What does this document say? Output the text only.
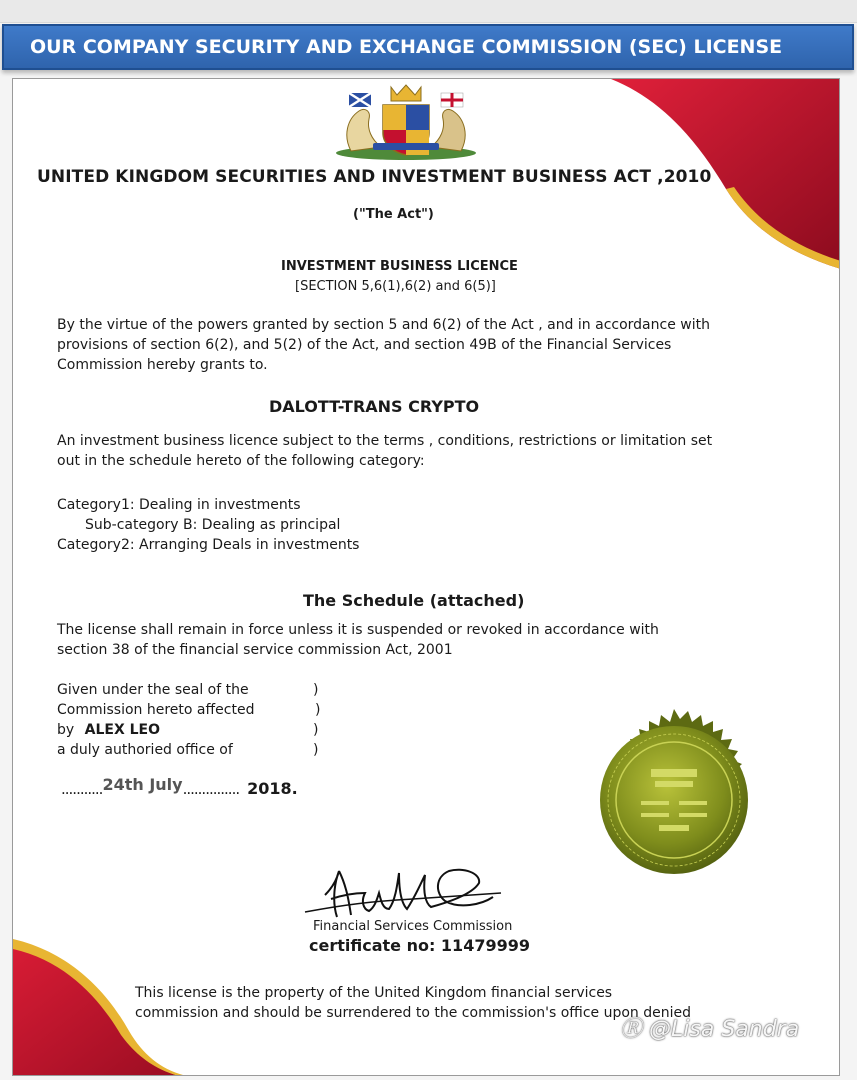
OUR COMPANY SECURITY AND EXCHANGE COMMISSION (SEC) LICENSE
UNITED KINGDOM SECURITIES AND INVESTMENT BUSINESS ACT ,2010
("The Act")
INVESTMENT BUSINESS LICENCE
[SECTION 5,6(1),6(2) and 6(5)]
By the virtue of the powers granted by section 5 and 6(2) of the Act , and in accordance with
provisions of section 6(2), and 5(2) of the Act, and section 49B of the Financial Services
Commission hereby grants to.
DALOTT-TRANS CRYPTO
An investment business licence subject to the terms , conditions, restrictions or limitation set
out in the schedule hereto of the following category:
Category1: Dealing in investments
Sub-category B: Dealing as principal
Category2: Arranging Deals in investments
The Schedule (attached)
The license shall remain in force unless it is suspended or revoked in accordance with
section 38 of the financial service commission Act, 2001
Given under the seal of the
Commission hereto affected
by ALEX LEO
a duly authoried office of
)
)
)
)
...........24th July............... 2018.
Financial Services Commission
certificate no: 11479999
This license is the property of the United Kingdom financial services
commission and should be surrendered to the commission's office upon denied
Ⓡ @Lisa Sandra
